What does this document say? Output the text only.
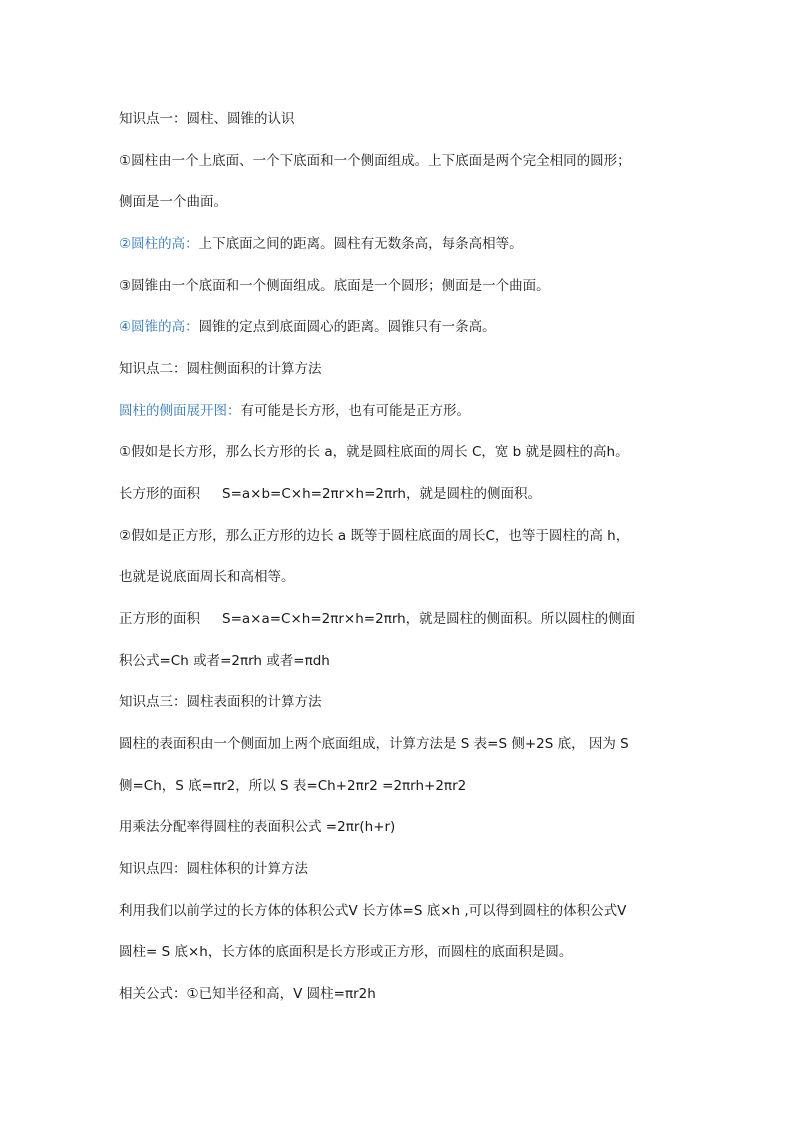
知识点一：圆柱、圆锥的认识
①圆柱由一个上底面、一个下底面和一个侧面组成。上下底面是两个完全相同的圆形；
侧面是一个曲面。
②圆柱的高：上下底面之间的距离。圆柱有无数条高，每条高相等。
③圆锥由一个底面和一个侧面组成。底面是一个圆形；侧面是一个曲面。
④圆锥的高：圆锥的定点到底面圆心的距离。圆锥只有一条高。
知识点二：圆柱侧面积的计算方法
圆柱的侧面展开图：有可能是长方形，也有可能是正方形。
①假如是长方形，那么长方形的长 a，就是圆柱底面的周长 C，宽 b 就是圆柱的高h。
长方形的面积 S=a×b=C×h=2πr×h=2πrh，就是圆柱的侧面积。
②假如是正方形，那么正方形的边长 a 既等于圆柱底面的周长C，也等于圆柱的高 h，
也就是说底面周长和高相等。
正方形的面积 S=a×a=C×h=2πr×h=2πrh，就是圆柱的侧面积。所以圆柱的侧面
积公式=Ch 或者=2πrh 或者=πdh
知识点三：圆柱表面积的计算方法
圆柱的表面积由一个侧面加上两个底面组成，计算方法是 S 表=S 侧+2S 底， 因为 S
侧=Ch，S 底=πr2，所以 S 表=Ch+2πr2 =2πrh+2πr2
用乘法分配率得圆柱的表面积公式 =2πr(h+r)
知识点四：圆柱体积的计算方法
利用我们以前学过的长方体的体积公式V 长方体=S 底×h ,可以得到圆柱的体积公式V
圆柱= S 底×h，长方体的底面积是长方形或正方形，而圆柱的底面积是圆。
相关公式：①已知半径和高，V 圆柱=πr2h
